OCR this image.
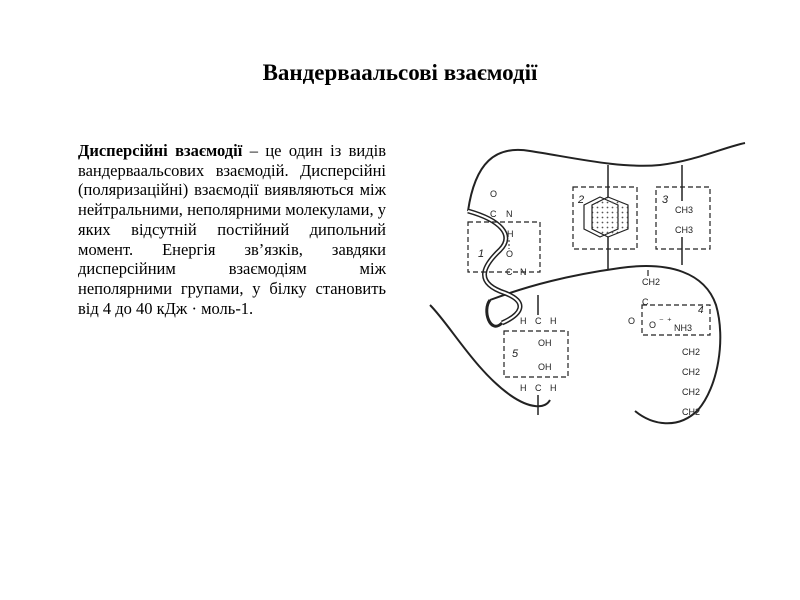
Вандерваальсові взаємодії
Дисперсійні взаємодії – це один із видів вандерваальсових взаємодій. Дисперсійні (поляризаційні) взаємодії виявляються між нейтральними, неполярними молекулами, у яких відсутній постійний дипольний момент. Енергія зв’язків, завдяки дисперсійним взаємодіям між неполярними групами, у білку становить від 4 до 40 кДж · моль-1.
1
O
C N
H
O
C N
2	3
CH3
CH3
CH2
C
O
4
O ⁻ ⁺
NH3
CH2
CH2
CH2
CH2
H C H
5
OH
OH
H C H
